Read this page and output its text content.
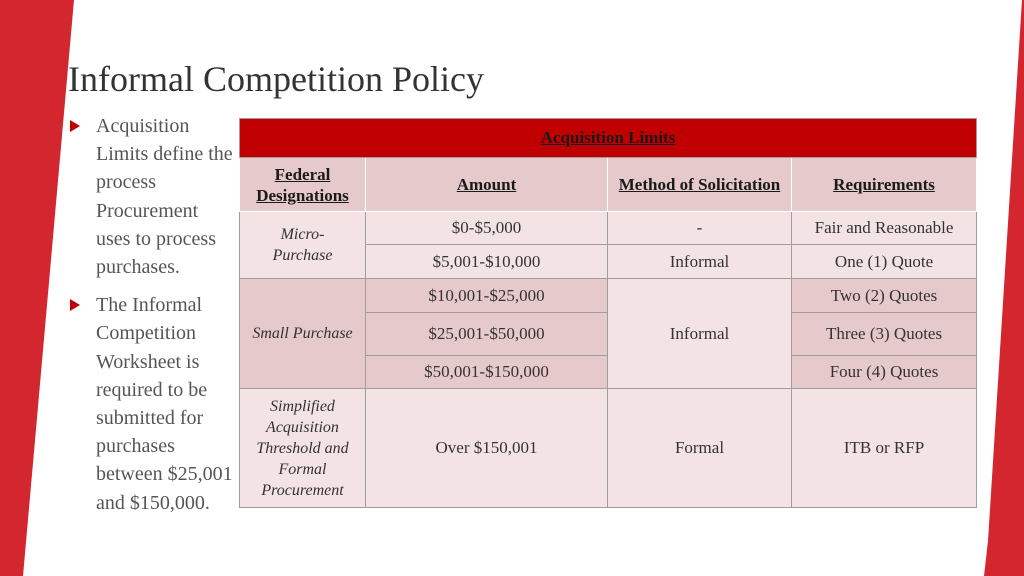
Informal Competition Policy
Acquisition Limits define the process Procurement uses to process purchases.
The Informal Competition Worksheet is required to be submitted for purchases between $25,001 and $150,000.
Acquisition Limits			
Federal Designations	Amount	Method of Solicitation	Requirements
Micro-Purchase	$0-$5,000	-	Fair and Reasonable
	$5,001-$10,000	Informal	One (1) Quote
Small Purchase	$10,001-$25,000	Informal	Two (2) Quotes
	$25,001-$50,000		Three (3) Quotes
	$50,001-$150,000		Four (4) Quotes
Simplified Acquisition Threshold and Formal Procurement	Over $150,001	Formal	ITB or RFP
